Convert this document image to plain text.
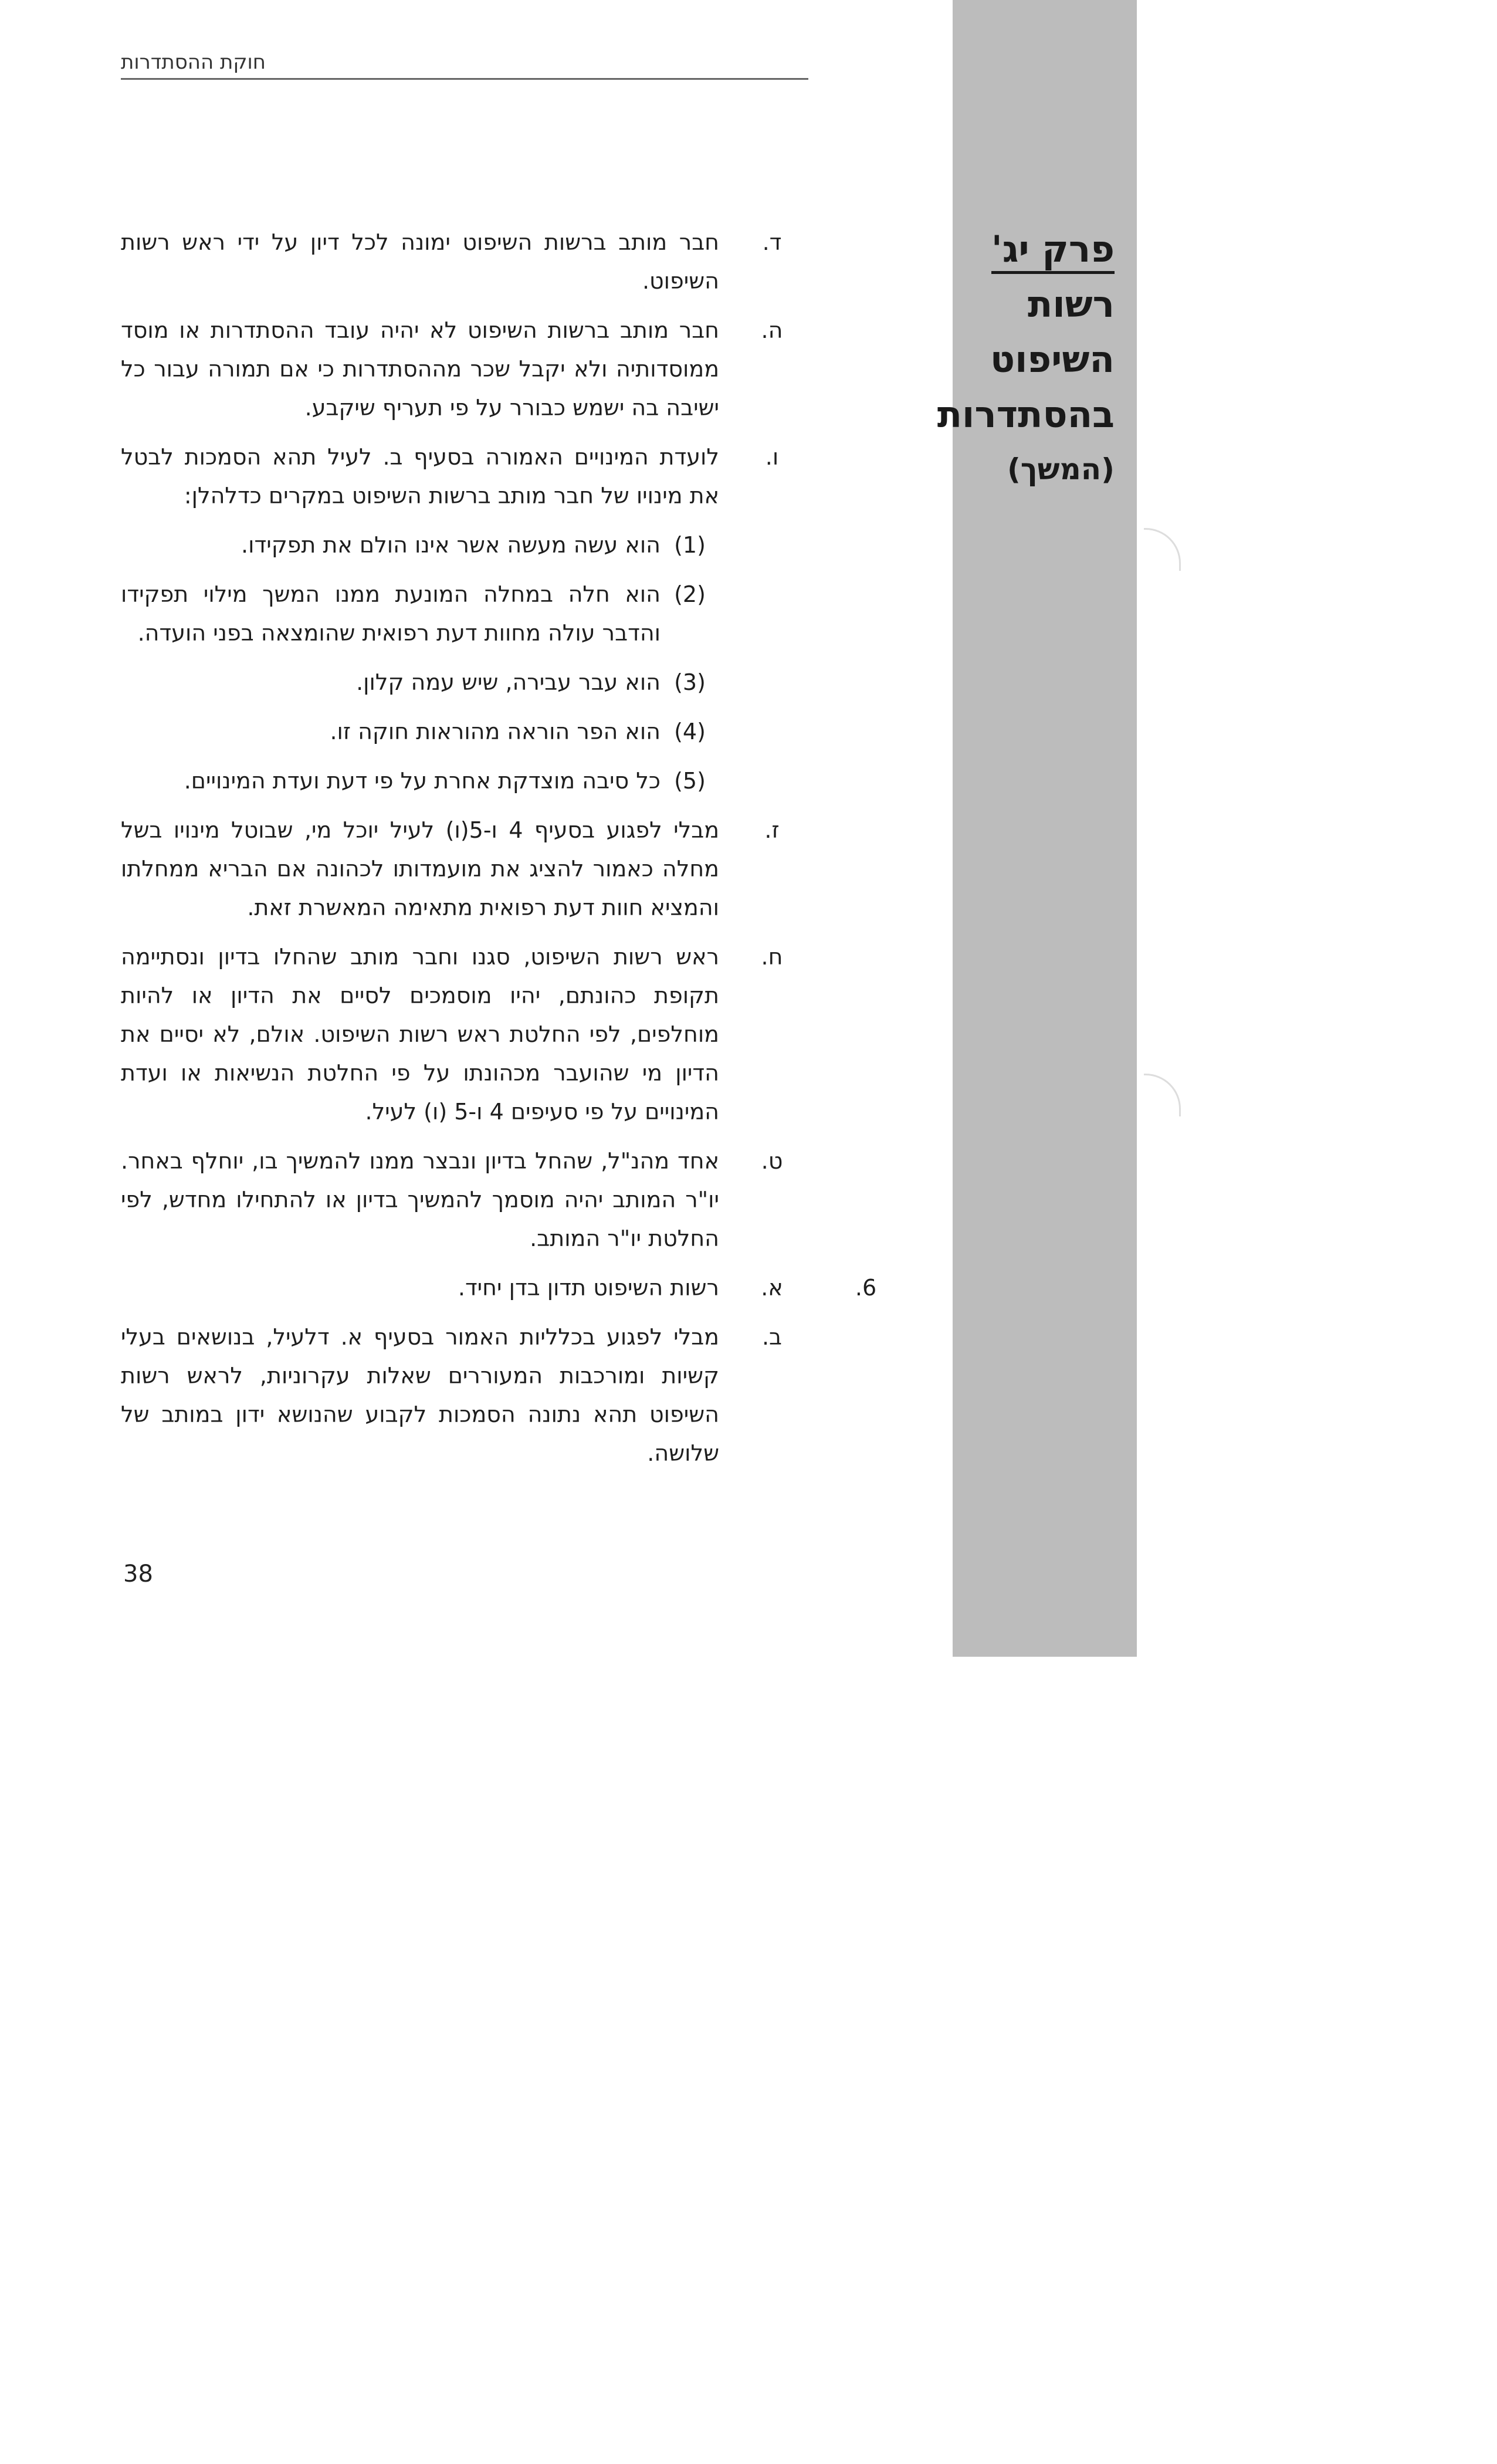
חוקת ההסתדרות
פרק יג'
רשות
השיפוט
בהסתדרות
(המשך)
ד.
חבר מותב ברשות השיפוט ימונה לכל דיון על ידי ראש רשות השיפוט.
ה.
חבר מותב ברשות השיפוט לא יהיה עובד ההסתדרות או מוסד ממוסדותיה ולא יקבל שכר מההסתדרות כי אם תמורה עבור כל ישיבה בה ישמש כבורר על פי תעריף שיקבע.
ו.
לועדת המינויים האמורה בסעיף ב. לעיל תהא הסמכות לבטל את מינויו של חבר מותב ברשות השיפוט במקרים כדלהלן:
(1)
הוא עשה מעשה אשר אינו הולם את תפקידו.
(2)
הוא חלה במחלה המונעת ממנו המשך מילוי תפקידו והדבר עולה מחוות דעת רפואית שהומצאה בפני הועדה.
(3)
הוא עבר עבירה, שיש עמה קלון.
(4)
הוא הפר הוראה מהוראות חוקה זו.
(5)
כל סיבה מוצדקת אחרת על פי דעת ועדת המינויים.
ז.
מבלי לפגוע בסעיף 4 ו-5(ו) לעיל יוכל מי, שבוטל מינויו בשל מחלה כאמור להציג את מועמדותו לכהונה אם הבריא ממחלתו והמציא חוות דעת רפואית מתאימה המאשרת זאת.
ח.
ראש רשות השיפוט, סגנו וחבר מותב שהחלו בדיון ונסתיימה תקופת כהונתם, יהיו מוסמכים לסיים את הדיון או להיות מוחלפים, לפי החלטת ראש רשות השיפוט. אולם, לא יסיים את הדיון מי שהועבר מכהונתו על פי החלטת הנשיאות או ועדת המינויים על פי סעיפים 4 ו-5 (ו) לעיל.
ט.
אחד מהנ"ל, שהחל בדיון ונבצר ממנו להמשיך בו, יוחלף באחר. יו"ר המותב יהיה מוסמך להמשיך בדיון או להתחילו מחדש, לפי החלטת יו"ר המותב.
6.
א.
רשות השיפוט תדון בדן יחיד.
ב.
מבלי לפגוע בכלליות האמור בסעיף א. דלעיל, בנושאים בעלי קשיות ומורכבות המעוררים שאלות עקרוניות, לראש רשות השיפוט תהא נתונה הסמכות לקבוע שהנושא ידון במותב של שלושה.
38
